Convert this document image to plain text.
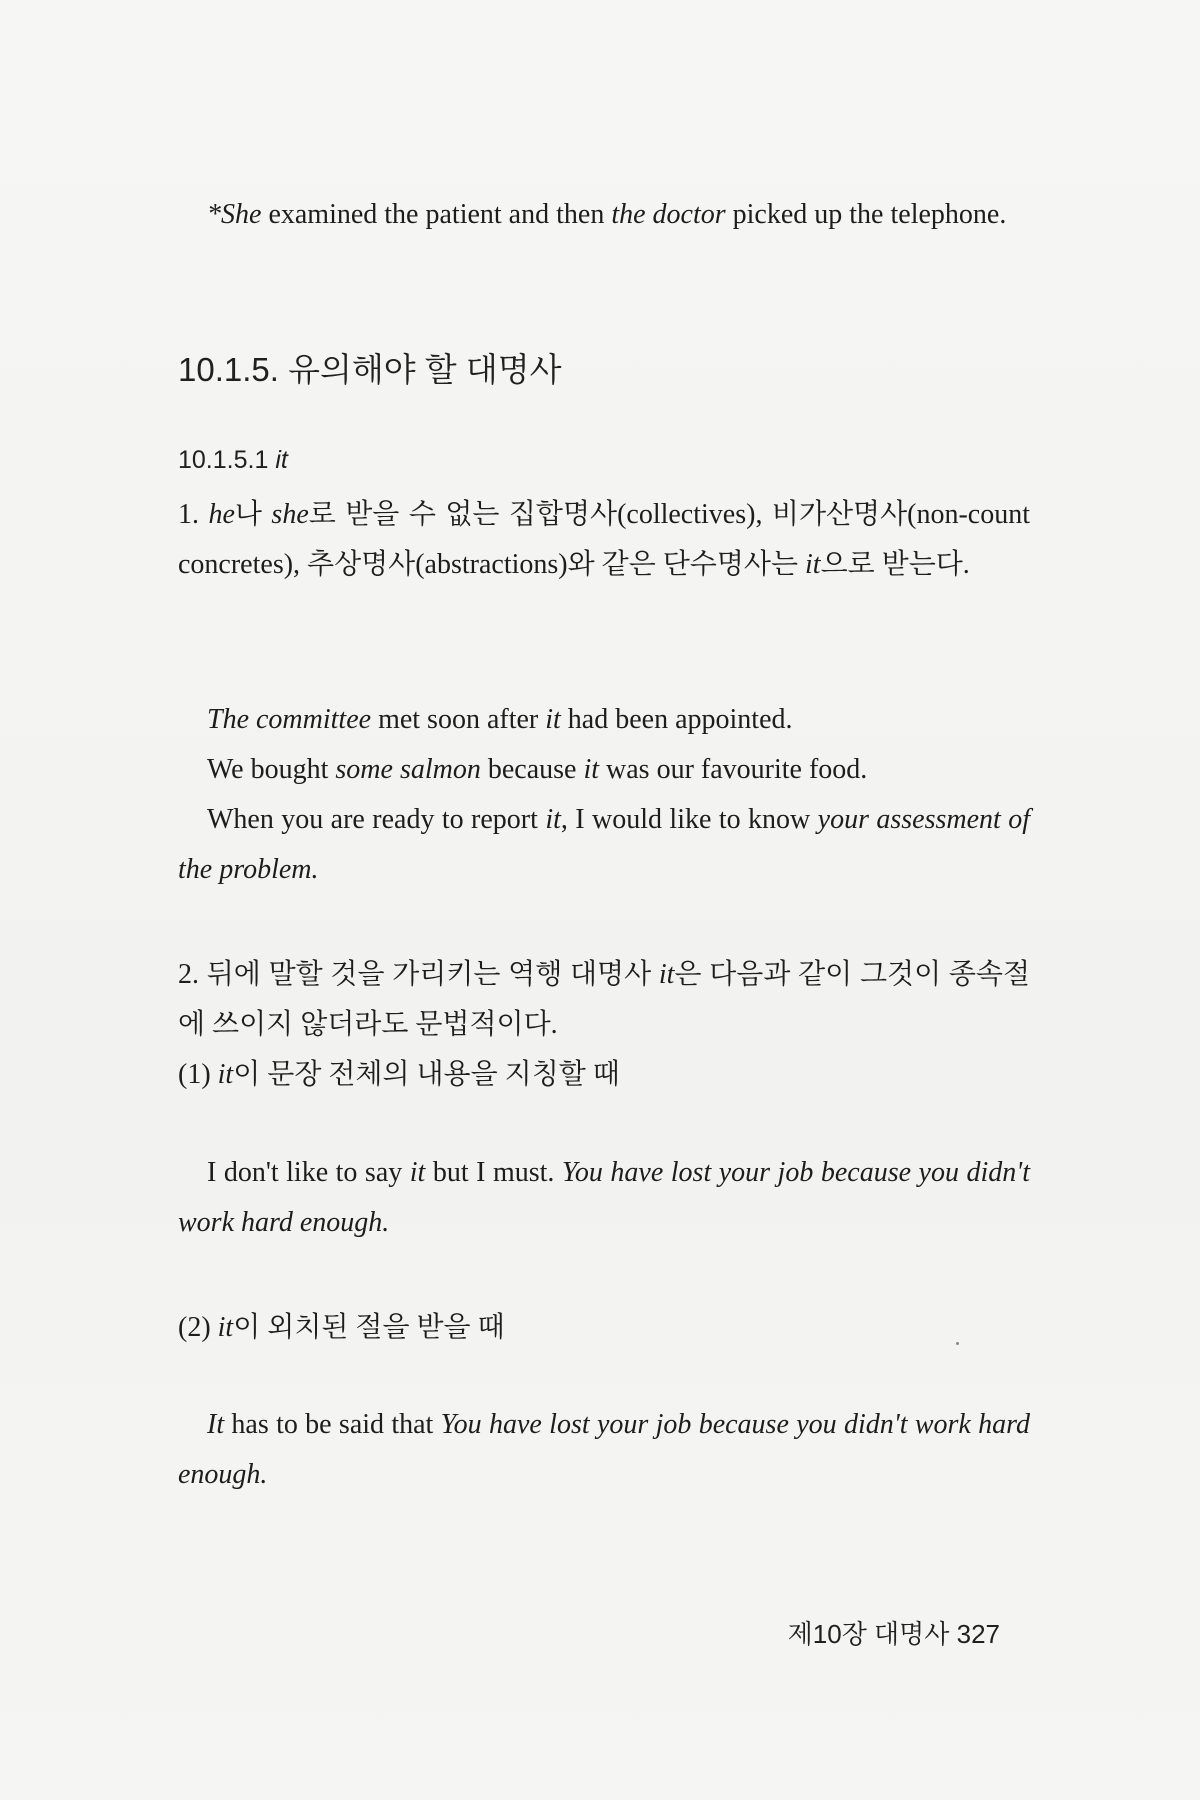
*She examined the patient and then the doctor picked up the telephone.
10.1.5. 유의해야 할 대명사
10.1.5.1 it
1. he나 she로 받을 수 없는 집합명사(collectives), 비가산명사(non-count concretes), 추상명사(abstractions)와 같은 단수명사는 it으로 받는다.
The committee met soon after it had been appointed.
We bought some salmon because it was our favourite food.
When you are ready to report it, I would like to know your assessment of the problem.
2. 뒤에 말할 것을 가리키는 역행 대명사 it은 다음과 같이 그것이 종속절에 쓰이지 않더라도 문법적이다.
(1) it이 문장 전체의 내용을 지칭할 때
I don't like to say it but I must. You have lost your job because you didn't work hard enough.
(2) it이 외치된 절을 받을 때
It has to be said that You have lost your job because you didn't work hard enough.
제10장 대명사 327
